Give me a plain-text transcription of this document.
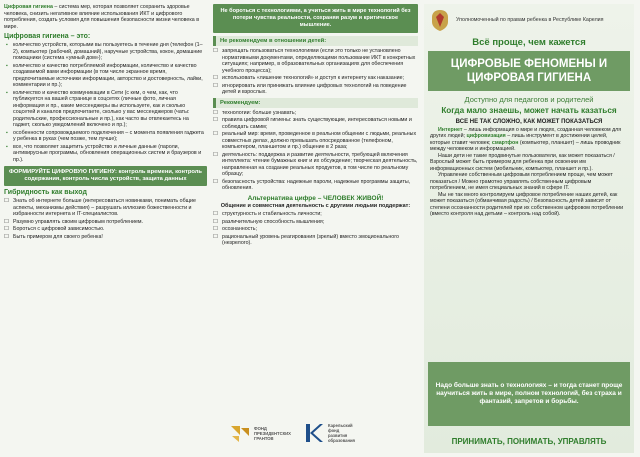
Цифровая гигиена – система мер, которая позволяет сохранить здоровье человека, снизить негативное влияние использования ИКТ и цифрового потребления, создать условия для повышения безопасности жизни человека в мире.

Цифровая гигиена – это:
▪ количество устройств, которыми вы пользуетесь в течение дня (телефон (1–2), компьютер (рабочий, домашний), наручные устройства, кокон, домашние помощники (система «умный дом»);
▪ количество и качество потребляемой информации, количество и качество создаваемой вами информации (в том числе экранное время, предпочитаемые источники информации, авторство и достоверность, лайки, комментарии и пр.);
▪ количество и качество коммуникации в Сети (с кем, о чем, как, что публикуется на вашей странице в соцсетях (личные фото, личная информация и пр., какие мессенджеры вы используете, как и сколько соцсетей и каналов предпочитаете, сколько у вас мессенджеров (чаты: родительские, профессиональные и пр.), как часто вы отвлекаетесь на гаджет, сколько уведомлений включено и пр.);
▪ особенности сопровождаемого подключения – с момента появления гаджета у ребенка в руках (чем позже, тем лучше);
▪ все, что позволяет защитить устройство и личные данные (пароли, антивирусные программы, обновления операционных систем и браузеров и пр.).
ФОРМИРУЙТЕ ЦИФРОВУЮ ГИГИЕНУ: контроль времени, контроль содержания, контроль числа устройств, защита данных
Гибридность как выход
☐ Знать об интернете больше (интересоваться новинками, понимать общие аспекты, механизмы действия) – разрушать иллюзию божественности и избранности интернета и IT-специалистов.
☐ Разумно управлять своим цифровым потреблением.
☐ Бороться с цифровой зависимостью.
☐ Быть примером для своего ребенка!
Не бороться с технологиями, а учиться жить в мире технологий без потери чувства реальности, сохраняя разум и критическое мышление.
Не рекомендуем в отношении детей:
☐ запрещать пользоваться технологиями (если это только не установлено нормативными документами, определяющими пользование ИКТ в конкретных ситуациях; например, в образовательных организациях для обеспечения учебного процесса);
☐ использовать «лишение технологий» и доступ к интернету как наказание;
☐ игнорировать или принижать влияние цифровых технологий на поведение детей и взрослых.
Рекомендуем:
☐ технологии: больше узнавать;
☐ правила цифровой гигиены: знать существующие, интересоваться новыми и соблюдать самим;
☐ реальный мир: время, проведенное в реальном общении с людьми, реальных совместных делах, должно превышать опосредованное (телефоном, компьютером, планшетом и пр.) общение в 2 раза;
☐ деятельность: поддержка и развитие деятельности, требующей включения интеллекта: чтение бумажных книг и их обсуждение; творческая деятельность, направленная на создание реальных продуктов, в том числе по реальному образцу;
☐ безопасность устройства: надежные пароли, надежные программы защиты, обновления.
Альтернатива цифре – ЧЕЛОВЕК ЖИВОЙ!
Общение и совместная деятельность с другими людьми поддержат:
☐ структурность и стабильность личности;
☐ различительную способность мышления;
☐ осознанность;
☐ рациональный уровень реагирования (зрелый) вместо эмоционального (незрелого).
ФОНД
ПРЕЗИДЕНТСКИХ
ГРАНТОВ
Карельский
фонд
развития
образования
Уполномоченный по правам ребенка в Республике Карелия
Всё проще, чем кажется
ЦИФРОВЫЕ ФЕНОМЕНЫ И ЦИФРОВАЯ ГИГИЕНА
Доступно для педагогов и родителей
Когда мало знаешь, может начать казаться
ВСЕ НЕ ТАК СЛОЖНО, КАК МОЖЕТ ПОКАЗАТЬСЯ

Интернет – лишь информация о мире и людях, созданная человеком для других людей; цифровизация – лишь инструмент в достижении целей, которые ставит человек; смартфон (компьютер, планшет) – лишь проводник между человеком и информацией.

Наши дети не такие продвинутые пользователи, как может показаться / Взрослый может быть примером для ребенка при освоении им информационных систем (мобильник, компьютер, планшет и пр.).

Управление собственным цифровым потреблением проще, чем может показаться / Можно грамотно управлять собственным цифровым потреблением, не имея специальных знаний в сфере IT.

Мы не так много контролируем цифровое потребление наших детей, как может показаться (обманчивая радость) / Безопасность детей зависит от степени осознанности родителей при их собственном цифровом потреблении (вместо контроля над детьми – контроль над собой).

Надо больше знать о технологиях – и тогда станет проще научиться жить в мире, полном технологий, без страха и фантазий, запретов и борьбы.
ПРИНИМАТЬ, ПОНИМАТЬ, УПРАВЛЯТЬ
